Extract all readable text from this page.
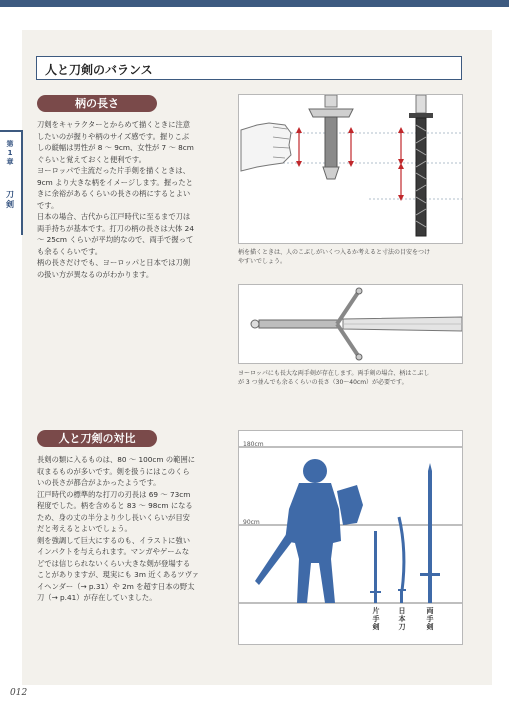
第
1
章
刀
剣
人と刀剣のバランス
柄の長さ
刀剣をキャラクターとからめて描くときに注意
したいのが握りや柄のサイズ感です。握りこぶ
しの縦幅は男性が 8 ～ 9cm、女性が 7 ～ 8cm
ぐらいと覚えておくと便利です。
ヨーロッパで主流だった片手剣を描くときは、
9cm より大きな柄をイメージします。握ったと
きに余裕があるくらいの長さの柄にするとよい
です。
日本の場合、古代から江戸時代に至るまで刀は
両手持ちが基本です。打刀の柄の長さは大体 24
～ 25cm くらいが平均的なので、両手で握って
も余るくらいです。
柄の長さだけでも、ヨーロッパと日本では刀剣
の扱い方が異なるのがわかります。
柄を描くときは、人のこぶしがいくつ入るか考えると寸法の目安をつけ
やすいでしょう。
ヨーロッパにも長大な両手剣が存在します。両手剣の場合、柄はこぶし
が 3 つ並んでも余るくらいの長さ（30～40cm）が必要です。
人と刀剣の対比
長剣の類に入るものは、80 ～ 100cm の範囲に
収まるものが多いです。剣を扱うにはこのくら
いの長さが都合がよかったようです。
江戸時代の標準的な打刀の刃長は 69 ～ 73cm
程度でした。柄を含めると 83 ～ 98cm になる
ため、身の丈の半分より少し長いくらいが目安
だと考えるとよいでしょう。
剣を強調して巨大にするのも、イラストに強い
インパクトを与えられます。マンガやゲームな
どでは信じられないくらい大きな剣が登場する
ことがありますが、現実にも 3m 近くあるツヴァ
イヘンダー（→ p.31）や 2m を超す日本の野太
刀（→ p.41）が存在していました。
180cm
90cm
片
手
剣
日
本
刀
両
手
剣
012
